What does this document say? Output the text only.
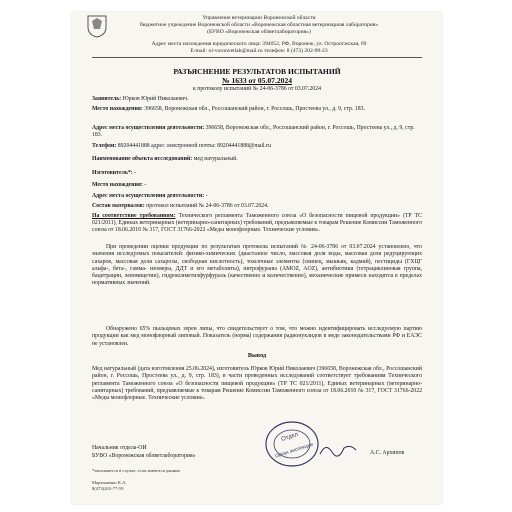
Управление ветеринарии Воронежской области
бюджетное учреждение Воронежской области «Воронежская областная ветеринарная лаборатория»
(БУВО «Воронежская облветлаборатория»)
Адрес места нахождения юридического лица: 394052, РФ, Воронеж, ул. Остроогжская, 69
E-mail: oi-voronvetlab@mail.ru телефон: 8 (473) 202-99-23
РАЗЪЯСНЕНИЕ РЕЗУЛЬТАТОВ ИСПЫТАНИЙ
№ 1633 от 05.07.2024
к протоколу испытаний № 24-06-3786 от 03.07.2024
Заявитель: Юрков Юрий Николаевич.
Место нахождения: 396658, Воронежская обл., Россошанский район, г. Россошь, Простеева ул., д. 9, стр. 183.
Адрес места осуществления деятельности: 396658, Воронежская обл., Россошанский район, г. Россошь, Простеева ул., д. 9, стр. 183.
Телефон: 89204441888 адрес электронной почты: 89204441888@mail.ru
Наименование объекта исследований: мед натуральный.
Изготовитель*: -
Место нахождения: -
Адрес места осуществления деятельности: -
Состав материалов: протокол испытаний № 24-06-3786 от 03.07.2024.
На соответствие требованиям: Технического регламента Таможенного союза «О безопасности пищевой продукции» (ТР ТС 021/2011), Единых ветеринарных (ветеринарно-санитарных) требований, предъявляемые к товарам Решение Комиссии Таможенного союза от 18.06.2010 № 317, ГОСТ 31766-2022 «Меды монофлорные. Технические условия».
При проведении оценки продукции по результатам протокола испытаний № 24-06-3786 от 03.07.2024 установлено, что значения исследуемых показателей: физико-химических (диастазное число, массовая доля воды, массовая доля редуцирующих сахаров, массовая доля сахарозы, свободная кислотность), токсичные элементы (свинец, мышьяк, кадмий), пестициды (ГХЦГ альфа-, бета-, гамма- изомеры, ДДТ и его метаболиты), нитрофураны (АМОZ, AOZ), антибиотики (тетрациклиновая группа, бацитрацин, левомицетин), гидроксиметилфурфураль (качественно и количественно), механические примеси находятся в пределах нормативных значений.
Обнаружено 65% пыльцевых зерен липы, что свидетельствует о том, что можно идентифицировать исследуемую партию продукции как мед монофлорный липовый. Показатель (норма) содержания радионуклидов в меде законодательствами РФ и ЕАЭС не установлен.
Вывод
Мед натуральный (дата изготовления 25.06.2024), изготовитель Юрков Юрий Николаевич (396658, Воронежская обл., Россошанский район, г. Россошь, Простеева ул., д. 9, стр. 183), в части проведенных исследований соответствует требованиям Технического регламента Таможенного союза «О безопасности пищевой продукции» (ТР ТС 021/2011), Единых ветеринарных (ветеринарно-санитарных) требований, предъявляемые к товарам Решение Комиссии Таможенного союза от 18.06.2010 № 317, ГОСТ 31766-2022 «Меды монофлорные. Технические условия».
Начальник отдела-ОИ
БУВО «Воронежская облветлаборатория»	А.С. Архипов
Отдел
Орган инспекции
*заполняется в случае, если имеются данные
Мартыненко К.А.
8(473)202-77-59
